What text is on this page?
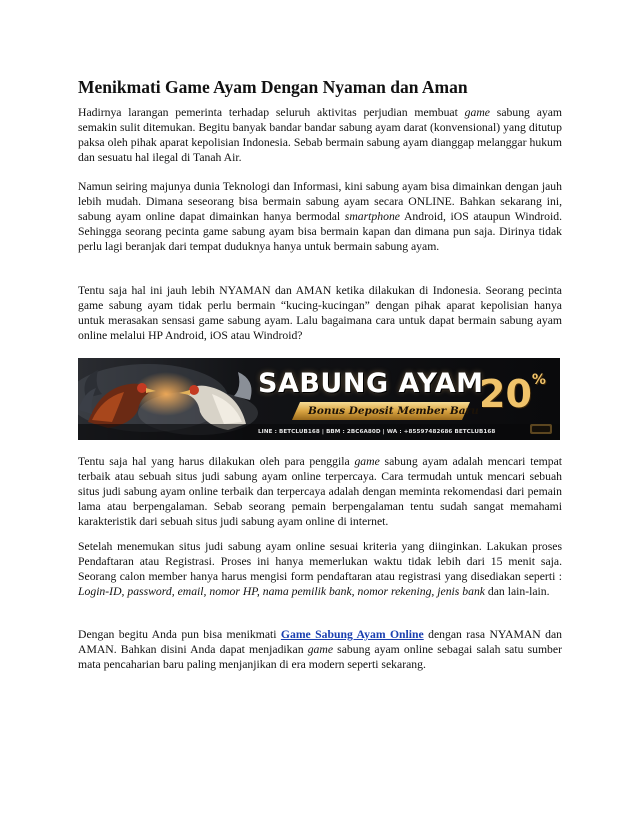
Menikmati Game Ayam Dengan Nyaman dan Aman

Hadirnya larangan pemerinta terhadap seluruh aktivitas perjudian membuat game sabung ayam semakin sulit ditemukan. Begitu banyak bandar bandar sabung ayam darat (konvensional) yang ditutup paksa oleh pihak aparat kepolisian Indonesia. Sebab bermain sabung ayam dianggap melanggar hukum dan sesuatu hal ilegal di Tanah Air.

Namun seiring majunya dunia Teknologi dan Informasi, kini sabung ayam bisa dimainkan dengan jauh lebih mudah. Dimana seseorang bisa bermain sabung ayam secara ONLINE. Bahkan sekarang ini, sabung ayam online dapat dimainkan hanya bermodal smartphone Android, iOS ataupun Windroid. Sehingga seorang pecinta game sabung ayam bisa bermain kapan dan dimana pun saja. Dirinya tidak perlu lagi beranjak dari tempat duduknya hanya untuk bermain sabung ayam.

Tentu saja hal ini jauh lebih NYAMAN dan AMAN ketika dilakukan di Indonesia. Seorang pecinta game sabung ayam tidak perlu bermain “kucing-kucingan” dengan pihak aparat kepolisian hanya untuk merasakan sensasi game sabung ayam. Lalu bagaimana cara untuk dapat bermain sabung ayam online melalui HP Android, iOS atau Windroid?

SABUNG AYAM
Bonus Deposit Member Baru 20%
LINE : BETCLUB168 | BBM : 2BC6A80D | WA : +85597482686 BETCLUB168

Tentu saja hal yang harus dilakukan oleh para penggila game sabung ayam adalah mencari tempat terbaik atau sebuah situs judi sabung ayam online terpercaya. Cara termudah untuk mencari sebuah situs judi sabung ayam online terbaik dan terpercaya adalah dengan meminta rekomendasi dari pemain lama atau berpengalaman. Sebab seorang pemain berpengalaman tentu sudah sangat memahami karakteristik dari sebuah situs judi sabung ayam online di internet.

Setelah menemukan situs judi sabung ayam online sesuai kriteria yang diinginkan. Lakukan proses Pendaftaran atau Registrasi. Proses ini hanya memerlukan waktu tidak lebih dari 15 menit saja. Seorang calon member hanya harus mengisi form pendaftaran atau registrasi yang disediakan seperti : Login-ID, password, email, nomor HP, nama pemilik bank, nomor rekening, jenis bank dan lain-lain.

Dengan begitu Anda pun bisa menikmati Game Sabung Ayam Online dengan rasa NYAMAN dan AMAN. Bahkan disini Anda dapat menjadikan game sabung ayam online sebagai salah satu sumber mata pencaharian baru paling menjanjikan di era modern seperti sekarang.
